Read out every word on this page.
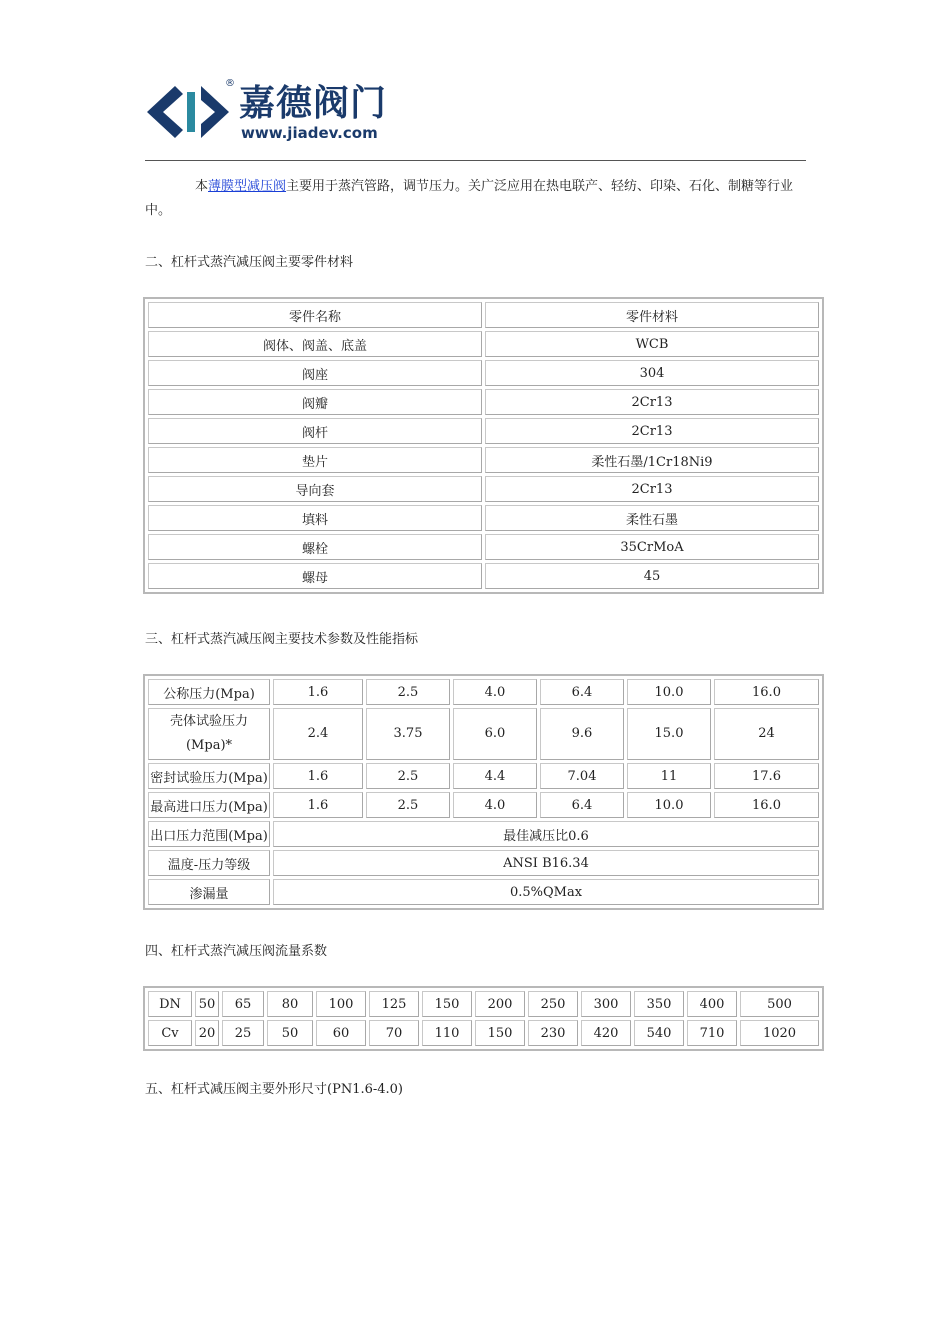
® 嘉德阀门
www.jiadev.com
本薄膜型减压阀主要用于蒸汽管路，调节压力。关广泛应用在热电联产、轻纺、印染、石化、制糖等行业中。
二、杠杆式蒸汽减压阀主要零件材料
零件名称	零件材料
阀体、阀盖、底盖	WCB
阀座	304
阀瓣	2Cr13
阀杆	2Cr13
垫片	柔性石墨/1Cr18Ni9
导向套	2Cr13
填料	柔性石墨
螺栓	35CrMoA
螺母	45
三、杠杆式蒸汽减压阀主要技术参数及性能指标
公称压力(Mpa)	1.6	2.5	4.0	6.4	10.0	16.0
壳体试验压力
(Mpa)*	2.4	3.75	6.0	9.6	15.0	24
密封试验压力(Mpa)	1.6	2.5	4.4	7.04	11	17.6
最高进口压力(Mpa)	1.6	2.5	4.0	6.4	10.0	16.0
出口压力范围(Mpa)	最佳减压比0.6					
温度-压力等级	ANSI B16.34					
渗漏量	0.5%QMax					
四、杠杆式蒸汽减压阀流量系数
DN	50	65	80	100	125	150	200	250	300	350	400	500
Cv	20	25	50	60	70	110	150	230	420	540	710	1020
五、杠杆式减压阀主要外形尺寸(PN1.6-4.0)
